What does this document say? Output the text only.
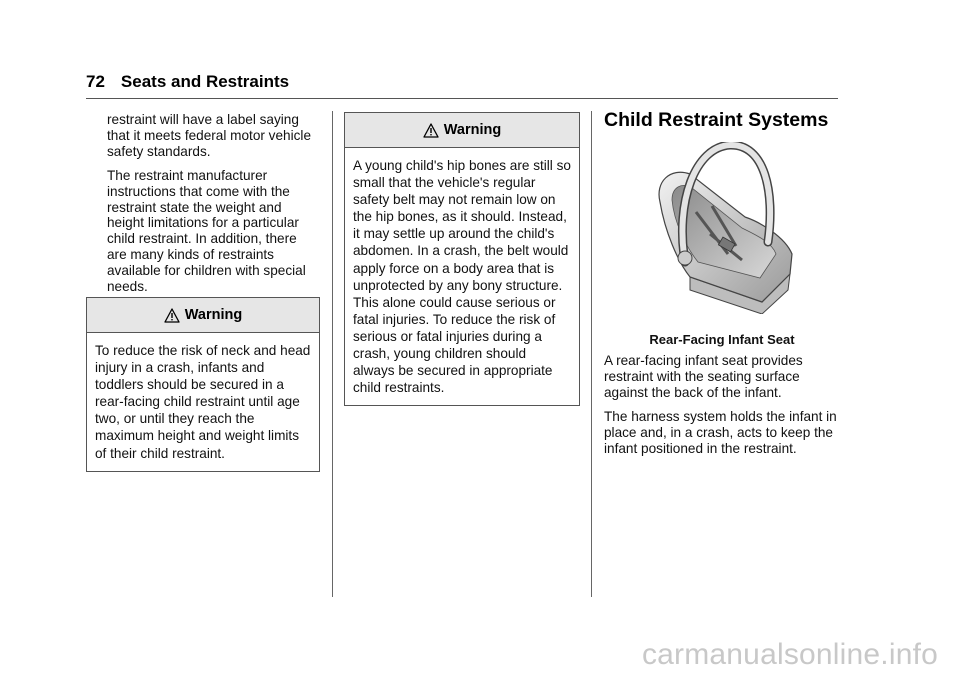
72 Seats and Restraints

restraint will have a label saying that it meets federal motor vehicle safety standards.

The restraint manufacturer instructions that come with the restraint state the weight and height limitations for a particular child restraint. In addition, there are many kinds of restraints available for children with special needs.

Warning
To reduce the risk of neck and head injury in a crash, infants and toddlers should be secured in a rear-facing child restraint until age two, or until they reach the maximum height and weight limits of their child restraint.
Warning
A young child's hip bones are still so small that the vehicle's regular safety belt may not remain low on the hip bones, as it should. Instead, it may settle up around the child's abdomen. In a crash, the belt would apply force on a body area that is unprotected by any bony structure. This alone could cause serious or fatal injuries. To reduce the risk of serious or fatal injuries during a crash, young children should always be secured in appropriate child restraints.
Child Restraint Systems
Rear-Facing Infant Seat

A rear-facing infant seat provides restraint with the seating surface against the back of the infant.

The harness system holds the infant in place and, in a crash, acts to keep the infant positioned in the restraint.

carmanualsonline.info
